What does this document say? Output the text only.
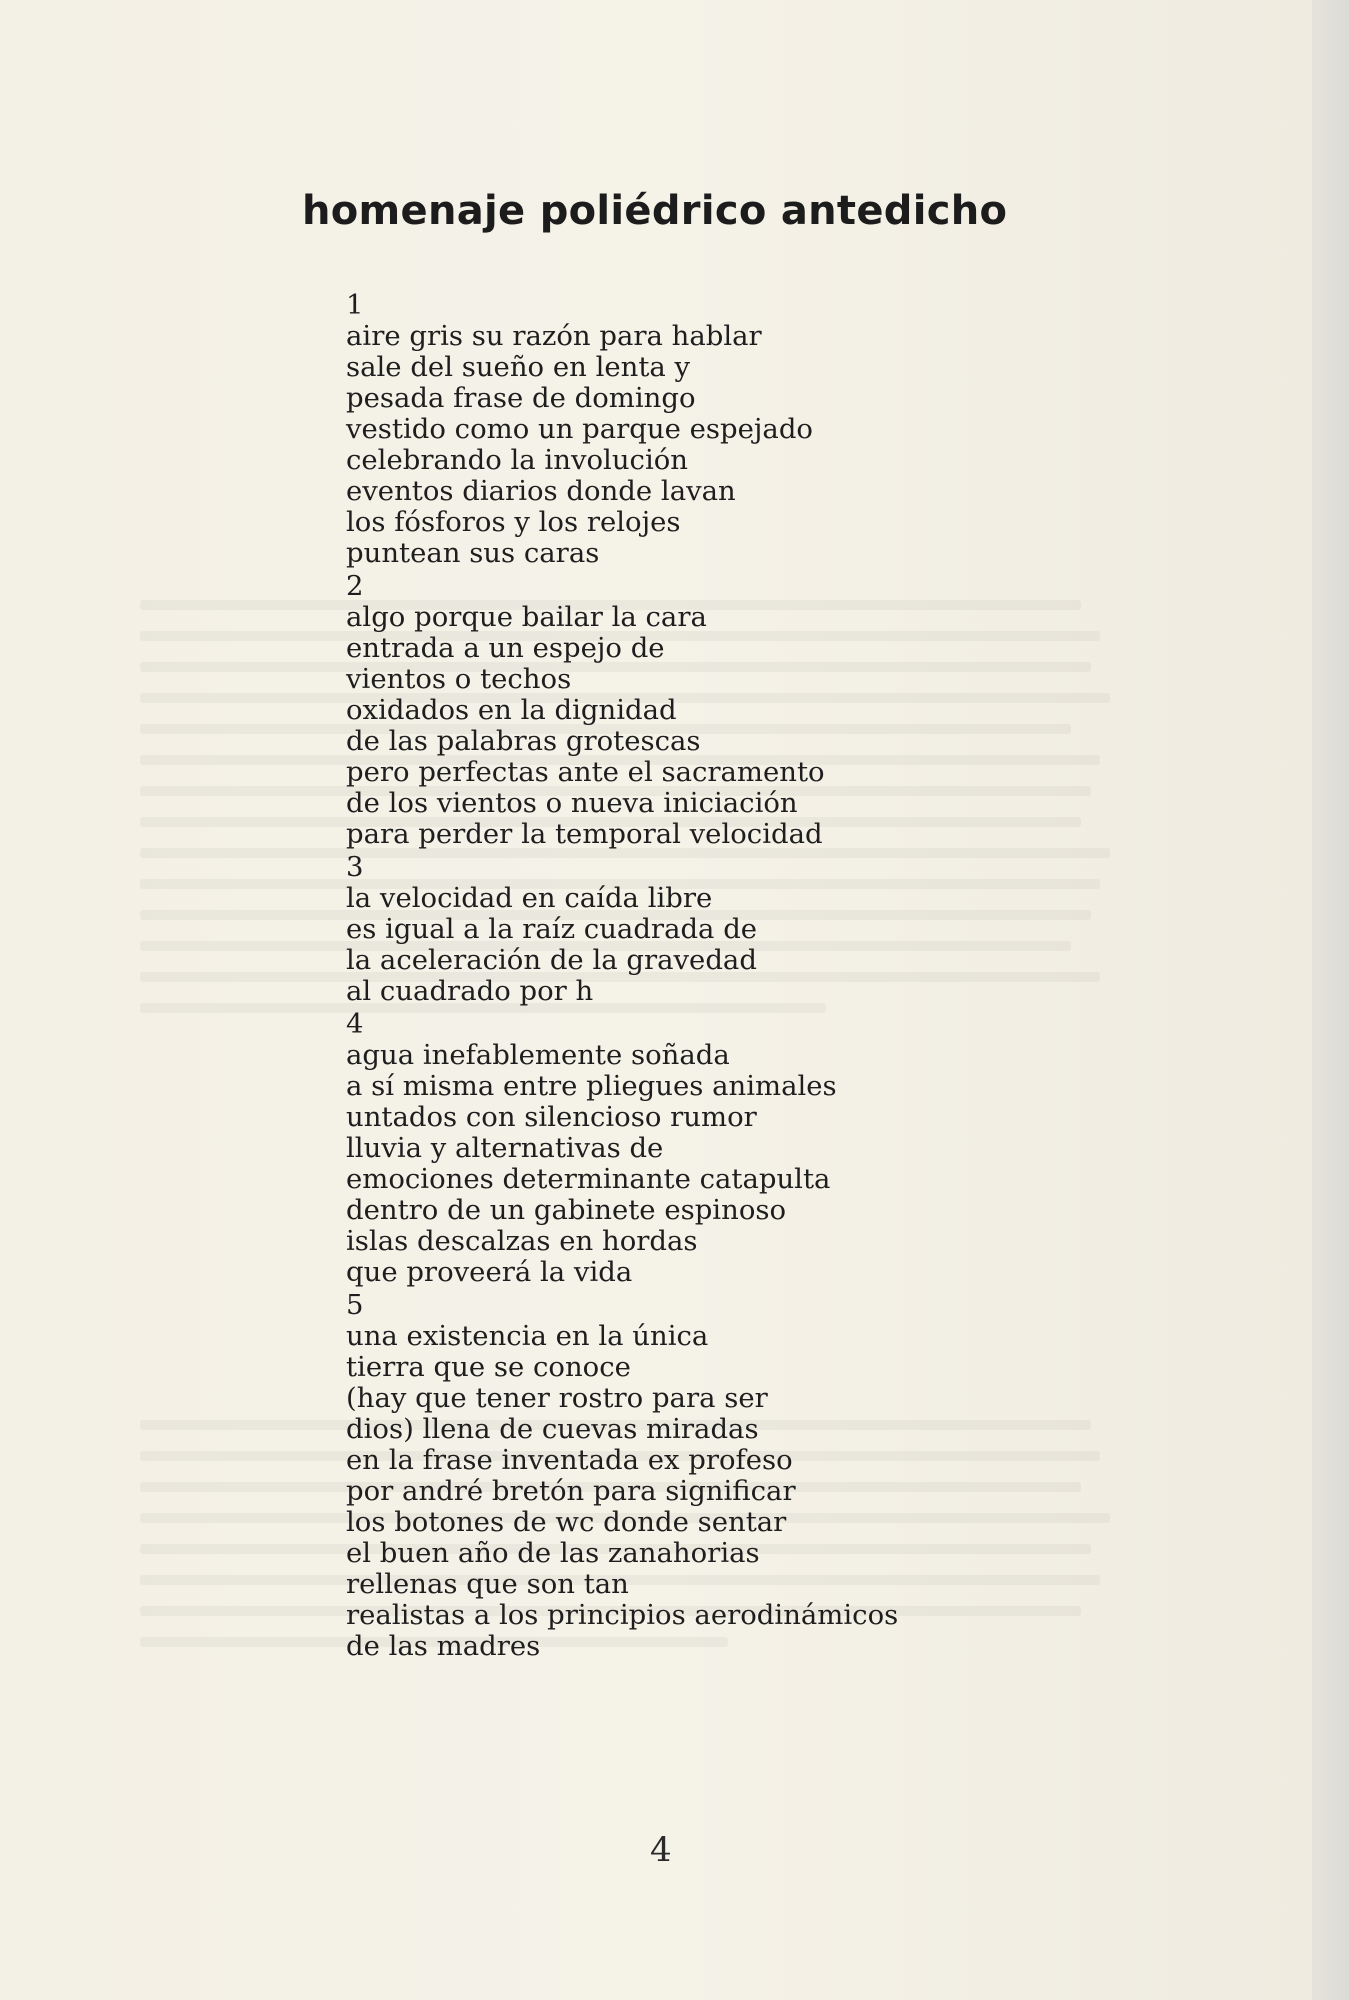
homenaje poliédrico antedicho
1
aire gris su razón para hablar
sale del sueño en lenta y
pesada frase de domingo
vestido como un parque espejado
celebrando la involución
eventos diarios donde lavan
los fósforos y los relojes
puntean sus caras
2
algo porque bailar la cara
entrada a un espejo de
vientos o techos
oxidados en la dignidad
de las palabras grotescas
pero perfectas ante el sacramento
de los vientos o nueva iniciación
para perder la temporal velocidad
3
la velocidad en caída libre
es igual a la raíz cuadrada de
la aceleración de la gravedad
al cuadrado por h
4
agua inefablemente soñada
a sí misma entre pliegues animales
untados con silencioso rumor
lluvia y alternativas de
emociones determinante catapulta
dentro de un gabinete espinoso
islas descalzas en hordas
que proveerá la vida
5
una existencia en la única
tierra que se conoce
(hay que tener rostro para ser
dios) llena de cuevas miradas
en la frase inventada ex profeso
por andré bretón para significar
los botones de wc donde sentar
el buen año de las zanahorias
rellenas que son tan
realistas a los principios aerodinámicos
de las madres
4
